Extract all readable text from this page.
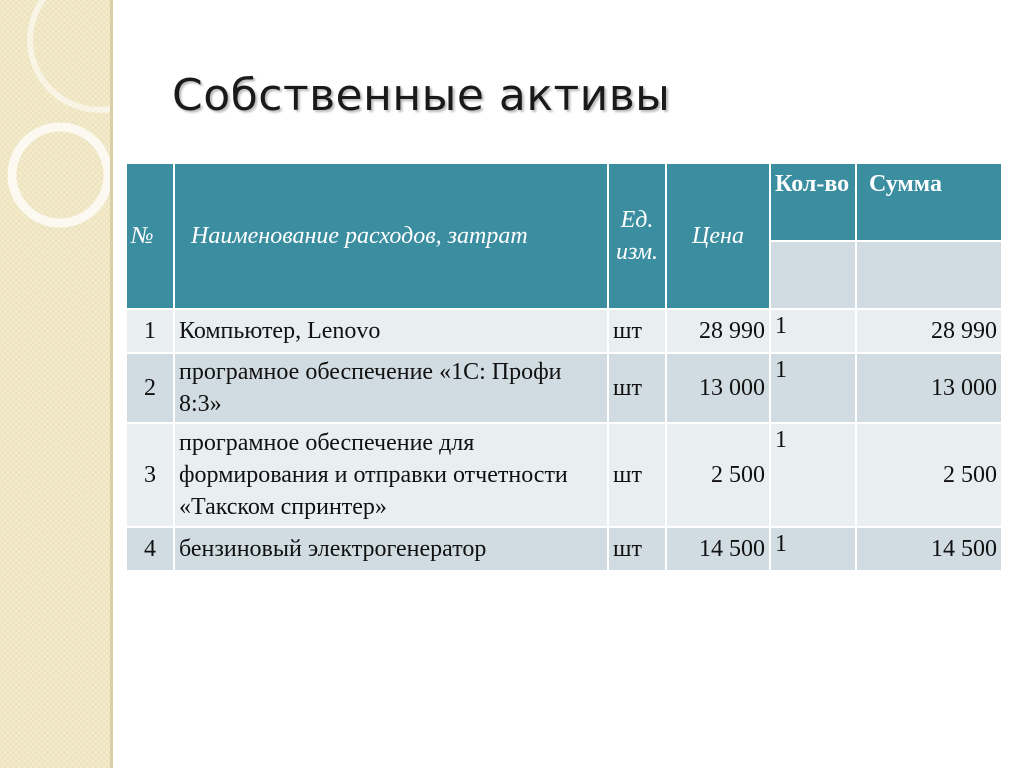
Собственные активы
№	Наименование расходов, затрат	Ед. изм.	Цена	Кол-во	Сумма

1	Компьютер, Lenovo	шт	28 990	1	28 990
2	програмное обеспечение «1С: Профи 8:3»	шт	13 000	1	13 000
3	програмное обеспечение для формирования и отправки отчетности «Такском спринтер»	шт	2 500	1	2 500
4	бензиновый электрогенератор	шт	14 500	1	14 500
